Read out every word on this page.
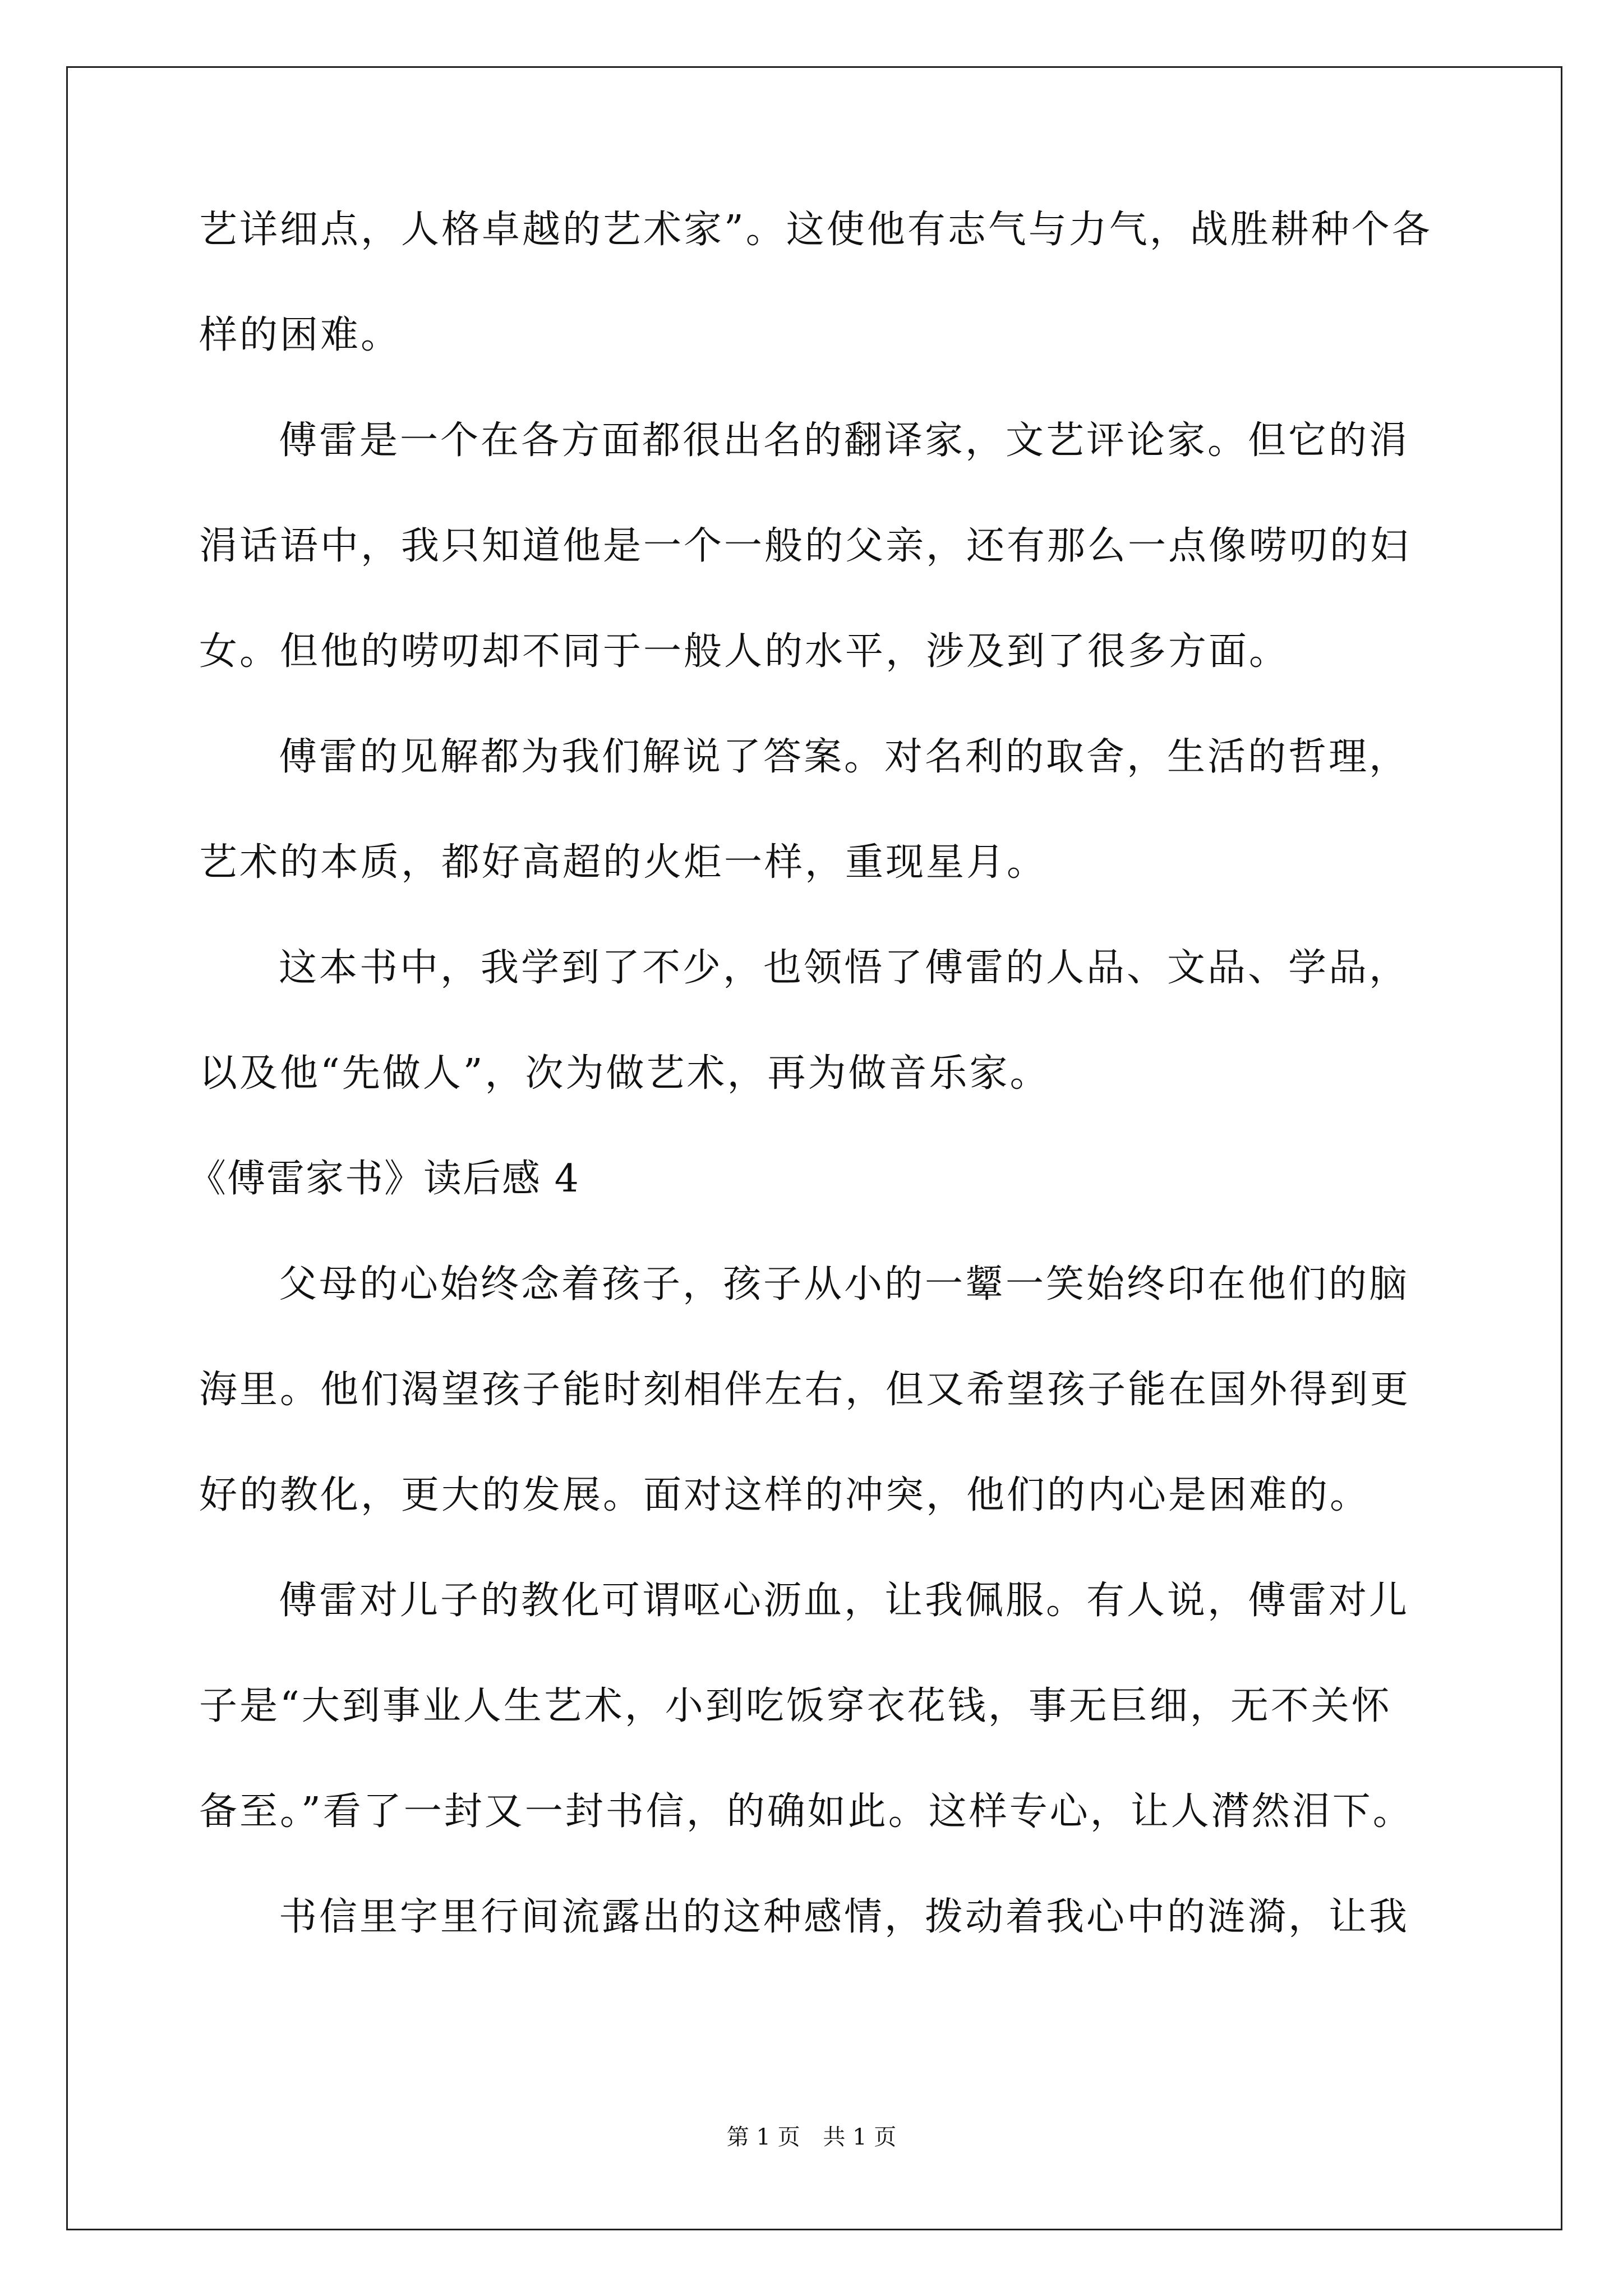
艺详细点，人格卓越的艺术家”。这使他有志气与力气，战胜耕种个各
样的困难。
傅雷是一个在各方面都很出名的翻译家，文艺评论家。但它的涓
涓话语中，我只知道他是一个一般的父亲，还有那么一点像唠叨的妇
女。但他的唠叨却不同于一般人的水平，涉及到了很多方面。
傅雷的见解都为我们解说了答案。对名利的取舍，生活的哲理，
艺术的本质，都好高超的火炬一样，重现星月。
这本书中，我学到了不少，也领悟了傅雷的人品、文品、学品，
以及他“先做人”，次为做艺术，再为做音乐家。
《傅雷家书》读后感 4
父母的心始终念着孩子，孩子从小的一颦一笑始终印在他们的脑
海里。他们渴望孩子能时刻相伴左右，但又希望孩子能在国外得到更
好的教化，更大的发展。面对这样的冲突，他们的内心是困难的。
傅雷对儿子的教化可谓呕心沥血，让我佩服。有人说，傅雷对儿
子是“大到事业人生艺术，小到吃饭穿衣花钱，事无巨细，无不关怀
备至。”看了一封又一封书信，的确如此。这样专心，让人潸然泪下。
书信里字里行间流露出的这种感情，拨动着我心中的涟漪，让我
第 1 页 共 1 页
